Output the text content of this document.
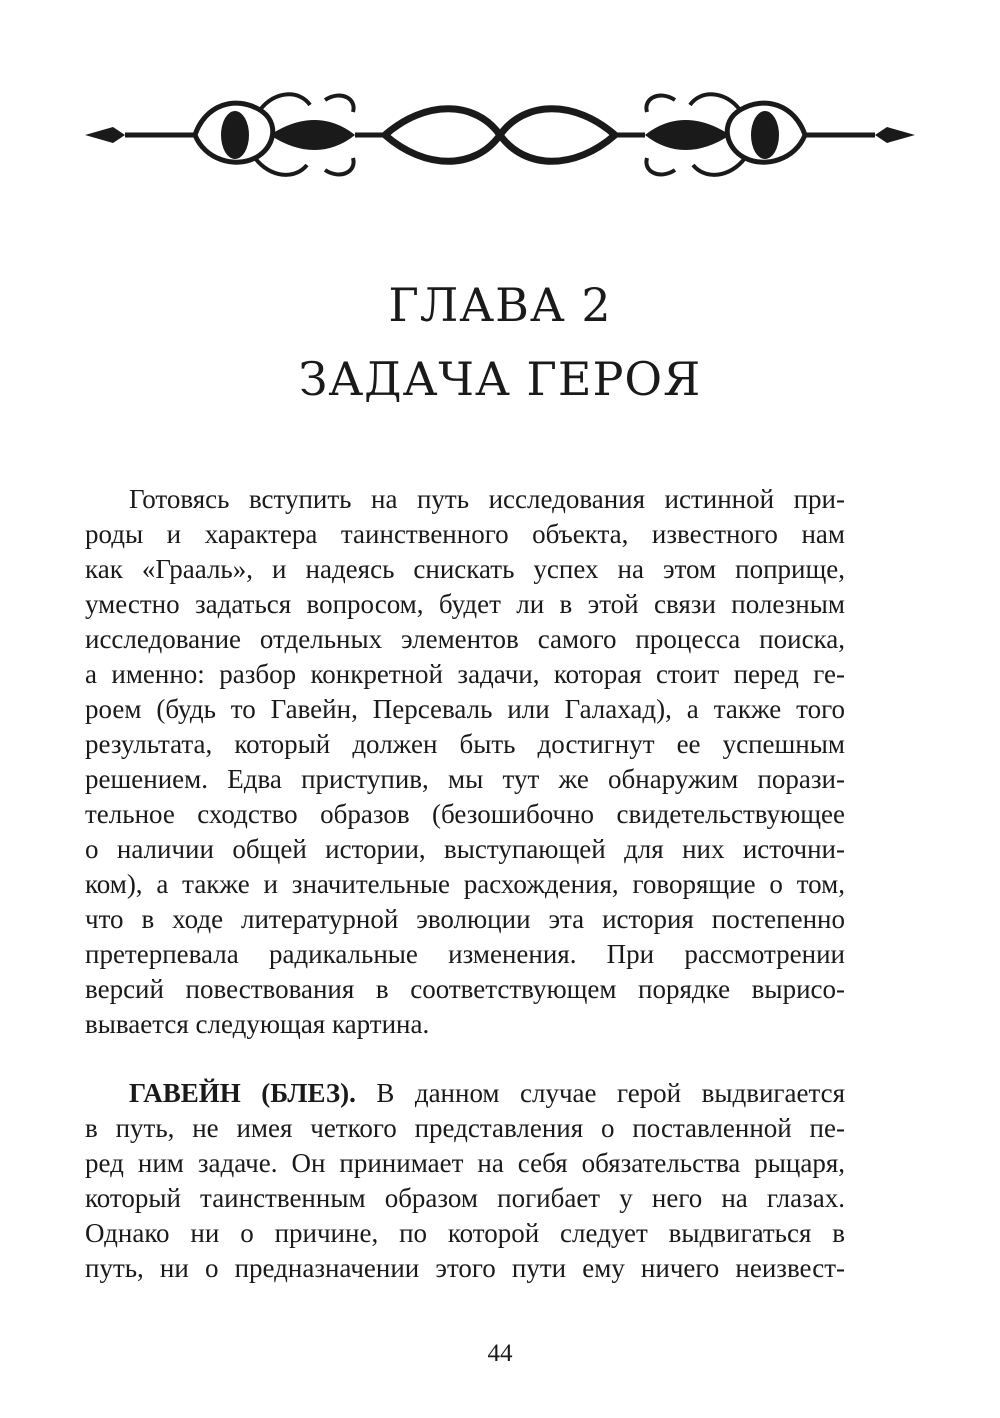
ГЛАВА 2
ЗАДАЧА ГЕРОЯ
Готовясь вступить на путь исследования истинной при-
роды и характера таинственного объекта, известного нам
как «Грааль», и надеясь снискать успех на этом поприще,
уместно задаться вопросом, будет ли в этой связи полезным
исследование отдельных элементов самого процесса поиска,
а именно: разбор конкретной задачи, которая стоит перед ге-
роем (будь то Гавейн, Персеваль или Галахад), а также того
результата, который должен быть достигнут ее успешным
решением. Едва приступив, мы тут же обнаружим порази-
тельное сходство образов (безошибочно свидетельствующее
о наличии общей истории, выступающей для них источни-
ком), а также и значительные расхождения, говорящие о том,
что в ходе литературной эволюции эта история постепенно
претерпевала радикальные изменения. При рассмотрении
версий повествования в соответствующем порядке вырисо-
вывается следующая картина.
ГАВЕЙН (БЛЕЗ). В данном случае герой выдвигается
в путь, не имея четкого представления о поставленной пе-
ред ним задаче. Он принимает на себя обязательства рыцаря,
который таинственным образом погибает у него на глазах.
Однако ни о причине, по которой следует выдвигаться в
путь, ни о предназначении этого пути ему ничего неизвест-
44
